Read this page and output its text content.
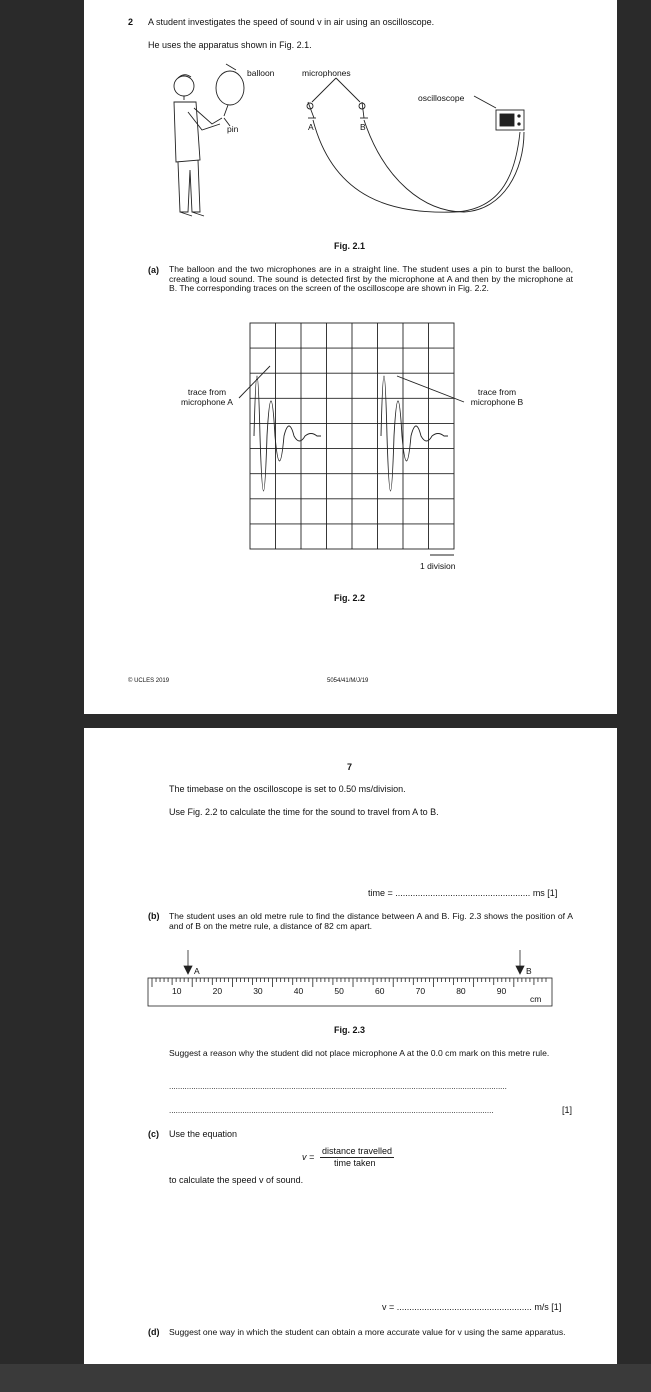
2 A student investigates the speed of sound v in air using an oscilloscope.
He uses the apparatus shown in Fig. 2.1.
balloon	microphones
oscilloscope
pin	A	B
Fig. 2.1
(a) The balloon and the two microphones are in a straight line. The student uses a pin to burst the balloon, creating a loud sound. The sound is detected first by the microphone at A and then by the microphone at B. The corresponding traces on the screen of the oscilloscope are shown in Fig. 2.2.
trace from microphone A
trace from microphone B
1 division
Fig. 2.2
© UCLES 2019	5054/41/M/J/19
7
The timebase on the oscilloscope is set to 0.50 ms/division.
Use Fig. 2.2 to calculate the time for the sound to travel from A to B.
time = ...................................................... ms [1]
(b) The student uses an old metre rule to find the distance between A and B. Fig. 2.3 shows the position of A and of B on the metre rule, a distance of 82 cm apart.
10	20	30	40	50	60	70	80	90
A	B
cm
Fig. 2.3
Suggest a reason why the student did not place microphone A at the 0.0 cm mark on this metre rule.
........................................................................................................................................................
..................................................................................................................................................	[1]
(c) Use the equation
v =
distance travelled
time taken
to calculate the speed v of sound.
v = ...................................................... m/s [1]
(d) Suggest one way in which the student can obtain a more accurate value for v using the same apparatus.
